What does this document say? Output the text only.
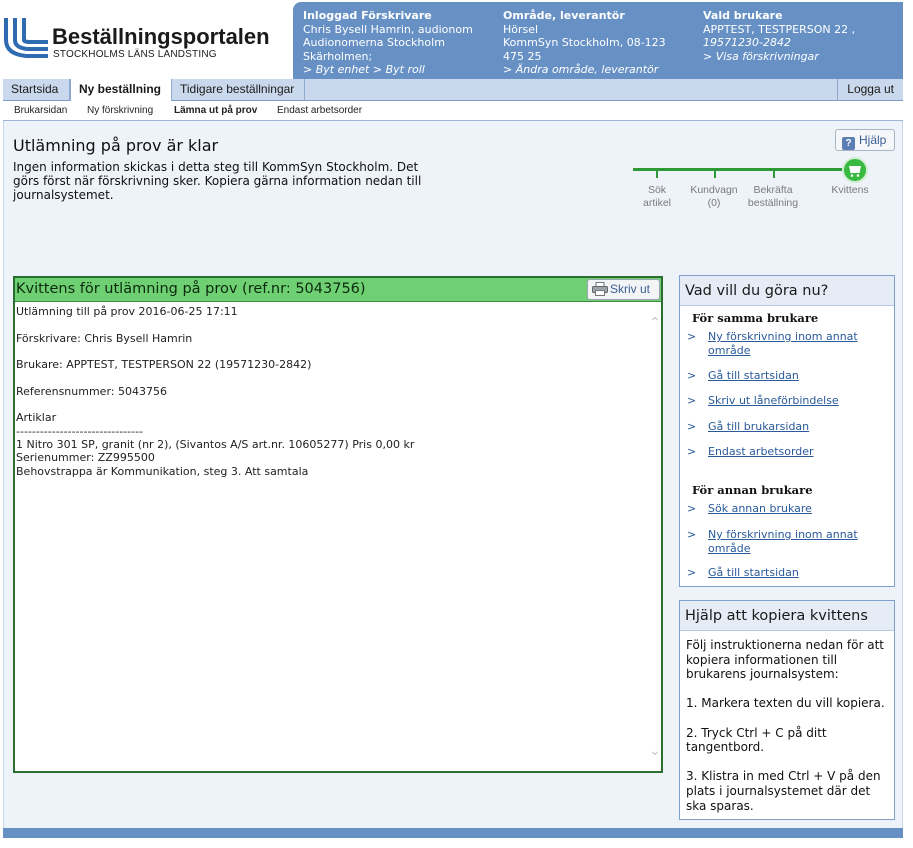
Beställningsportalen
STOCKHOLMS LÄNS LANDSTING
Inloggad Förskrivare
Chris Bysell Hamrin, audionom
Audionomerna Stockholm
Skärholmen;
> Byt enhet > Byt roll
Område, leverantör
Hörsel
KommSyn Stockholm, 08-123
475 25
> Ändra område, leverantör
Vald brukare
APPTEST, TESTPERSON 22 ,
19571230-2842
> Visa förskrivningar
Startsida	Ny beställning	Tidigare beställningar	Logga ut
Brukarsidan Ny förskrivning Lämna ut på prov Endast arbetsorder
Utlämning på prov är klar
Ingen information skickas i detta steg till KommSyn Stockholm. Det görs först när förskrivning sker. Kopiera gärna information nedan till journalsystemet.
? Hjälp
Sök
artikel
Kundvagn
(0)
Bekräfta
beställning
Kvittens
Kvittens för utlämning på prov (ref.nr: 5043756)	Skriv ut
Utlämning till på prov 2016-06-25 17:11
Förskrivare: Chris Bysell Hamrin
Brukare: APPTEST, TESTPERSON 22 (19571230-2842)
Referensnummer: 5043756
Artiklar
--------------------------------
1 Nitro 301 SP, granit (nr 2), (Sivantos A/S art.nr. 10605277) Pris 0,00 kr
Serienummer: ZZ995500
Behovstrappa är Kommunikation, steg 3. Att samtala
⌃
⌄
Vad vill du göra nu?
För samma brukare
> Ny förskrivning inom annat område
> Gå till startsidan
> Skriv ut låneförbindelse
> Gå till brukarsidan
> Endast arbetsorder
För annan brukare
> Sök annan brukare
> Ny förskrivning inom annat område
> Gå till startsidan
Hjälp att kopiera kvittens

Följ instruktionerna nedan för att kopiera informationen till brukarens journalsystem:

1. Markera texten du vill kopiera.

2. Tryck Ctrl + C på ditt tangentbord.

3. Klistra in med Ctrl + V på den plats i journalsystemet där det ska sparas.
